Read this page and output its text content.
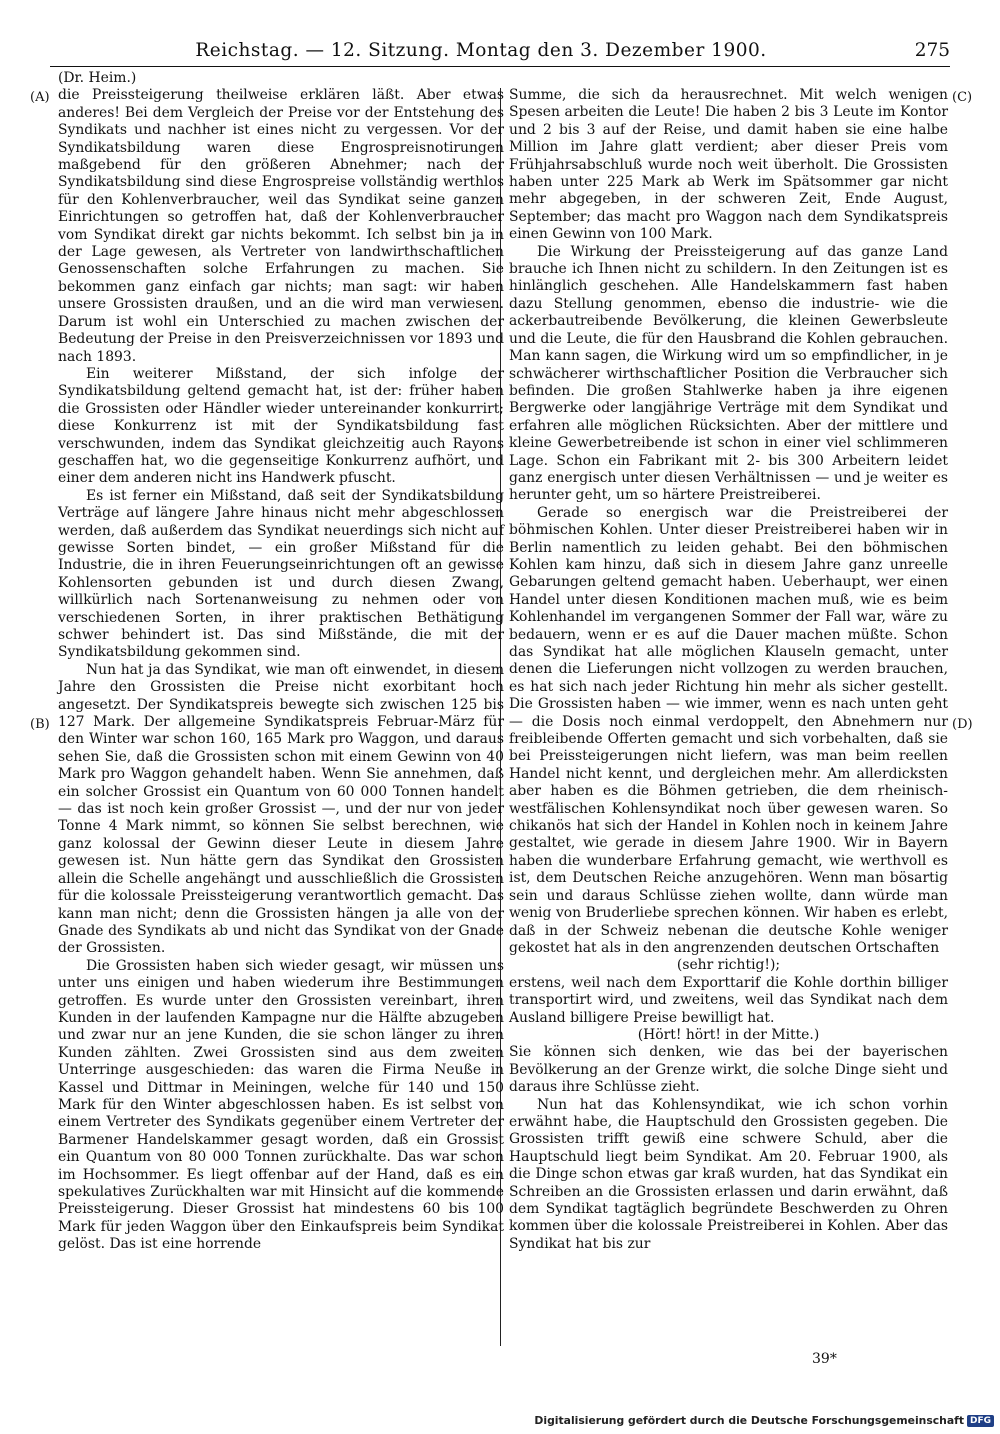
Reichstag. — 12. Sitzung. Montag den 3. Dezember 1900.	275
(A)
(B)
(C)
(D)

(Dr. Heim.)

die Preissteigerung theilweise erklären läßt. Aber etwas anderes! Bei dem Vergleich der Preise vor der Entstehung des Syndikats und nachher ist eines nicht zu vergessen. Vor der Syndikatsbildung waren diese Engrospreisnotirungen maßgebend für den größeren Abnehmer; nach der Syndikatsbildung sind diese Engrospreise vollständig werthlos für den Kohlenverbraucher, weil das Syndikat seine ganzen Einrichtungen so getroffen hat, daß der Kohlenverbraucher vom Syndikat direkt gar nichts bekommt. Ich selbst bin ja in der Lage gewesen, als Vertreter von landwirthschaftlichen Genossenschaften solche Erfahrungen zu machen. Sie bekommen ganz einfach gar nichts; man sagt: wir haben unsere Grossisten draußen, und an die wird man verwiesen. Darum ist wohl ein Unterschied zu machen zwischen der Bedeutung der Preise in den Preisverzeichnissen vor 1893 und nach 1893.

Ein weiterer Mißstand, der sich infolge der Syndikatsbildung geltend gemacht hat, ist der: früher haben die Grossisten oder Händler wieder untereinander konkurrirt; diese Konkurrenz ist mit der Syndikatsbildung fast verschwunden, indem das Syndikat gleichzeitig auch Rayons geschaffen hat, wo die gegenseitige Konkurrenz aufhört, und einer dem anderen nicht ins Handwerk pfuscht.

Es ist ferner ein Mißstand, daß seit der Syndikatsbildung Verträge auf längere Jahre hinaus nicht mehr abgeschlossen werden, daß außerdem das Syndikat neuerdings sich nicht auf gewisse Sorten bindet, — ein großer Mißstand für die Industrie, die in ihren Feuerungseinrichtungen oft an gewisse Kohlensorten gebunden ist und durch diesen Zwang, willkürlich nach Sortenanweisung zu nehmen oder von verschiedenen Sorten, in ihrer praktischen Bethätigung schwer behindert ist. Das sind Mißstände, die mit der Syndikatsbildung gekommen sind.

Nun hat ja das Syndikat, wie man oft einwendet, in diesem Jahre den Grossisten die Preise nicht exorbitant hoch angesetzt. Der Syndikatspreis bewegte sich zwischen 125 bis 127 Mark. Der allgemeine Syndikatspreis Februar-März für den Winter war schon 160, 165 Mark pro Waggon, und daraus sehen Sie, daß die Grossisten schon mit einem Gewinn von 40 Mark pro Waggon gehandelt haben. Wenn Sie annehmen, daß ein solcher Grossist ein Quantum von 60 000 Tonnen handelt — das ist noch kein großer Grossist —, und der nur von jeder Tonne 4 Mark nimmt, so können Sie selbst berechnen, wie ganz kolossal der Gewinn dieser Leute in diesem Jahre gewesen ist. Nun hätte gern das Syndikat den Grossisten allein die Schelle angehängt und ausschließlich die Grossisten für die kolossale Preissteigerung verantwortlich gemacht. Das kann man nicht; denn die Grossisten hängen ja alle von der Gnade des Syndikats ab und nicht das Syndikat von der Gnade der Grossisten.

Die Grossisten haben sich wieder gesagt, wir müssen uns unter uns einigen und haben wiederum ihre Bestimmungen getroffen. Es wurde unter den Grossisten vereinbart, ihren Kunden in der laufenden Kampagne nur die Hälfte abzugeben und zwar nur an jene Kunden, die sie schon länger zu ihren Kunden zählten. Zwei Grossisten sind aus dem zweiten Unterringe ausgeschieden: das waren die Firma Neuße in Kassel und Dittmar in Meiningen, welche für 140 und 150 Mark für den Winter abgeschlossen haben. Es ist selbst von einem Vertreter des Syndikats gegenüber einem Vertreter der Barmener Handelskammer gesagt worden, daß ein Grossist ein Quantum von 80 000 Tonnen zurückhalte. Das war schon im Hochsommer. Es liegt offenbar auf der Hand, daß es ein spekulatives Zurückhalten war mit Hinsicht auf die kommende Preissteigerung. Dieser Grossist hat mindestens 60 bis 100 Mark für jeden Waggon über den Einkaufspreis beim Syndikat gelöst. Das ist eine horrende

Summe, die sich da herausrechnet. Mit welch wenigen Spesen arbeiten die Leute! Die haben 2 bis 3 Leute im Kontor und 2 bis 3 auf der Reise, und damit haben sie eine halbe Million im Jahre glatt verdient; aber dieser Preis vom Frühjahrsabschluß wurde noch weit überholt. Die Grossisten haben unter 225 Mark ab Werk im Spätsommer gar nicht mehr abgegeben, in der schweren Zeit, Ende August, September; das macht pro Waggon nach dem Syndikatspreis einen Gewinn von 100 Mark.

Die Wirkung der Preissteigerung auf das ganze Land brauche ich Ihnen nicht zu schildern. In den Zeitungen ist es hinlänglich geschehen. Alle Handelskammern fast haben dazu Stellung genommen, ebenso die industrie- wie die ackerbautreibende Bevölkerung, die kleinen Gewerbsleute und die Leute, die für den Hausbrand die Kohlen gebrauchen. Man kann sagen, die Wirkung wird um so empfindlicher, in je schwächerer wirthschaftlicher Position die Verbraucher sich befinden. Die großen Stahlwerke haben ja ihre eigenen Bergwerke oder langjährige Verträge mit dem Syndikat und erfahren alle möglichen Rücksichten. Aber der mittlere und kleine Gewerbetreibende ist schon in einer viel schlimmeren Lage. Schon ein Fabrikant mit 2- bis 300 Arbeitern leidet ganz energisch unter diesen Verhältnissen — und je weiter es herunter geht, um so härtere Preistreiberei.

Gerade so energisch war die Preistreiberei der böhmischen Kohlen. Unter dieser Preistreiberei haben wir in Berlin namentlich zu leiden gehabt. Bei den böhmischen Kohlen kam hinzu, daß sich in diesem Jahre ganz unreelle Gebarungen geltend gemacht haben. Ueberhaupt, wer einen Handel unter diesen Konditionen machen muß, wie es beim Kohlenhandel im vergangenen Sommer der Fall war, wäre zu bedauern, wenn er es auf die Dauer machen müßte. Schon das Syndikat hat alle möglichen Klauseln gemacht, unter denen die Lieferungen nicht vollzogen zu werden brauchen, es hat sich nach jeder Richtung hin mehr als sicher gestellt. Die Grossisten haben — wie immer, wenn es nach unten geht — die Dosis noch einmal verdoppelt, den Abnehmern nur freibleibende Offerten gemacht und sich vorbehalten, daß sie bei Preissteigerungen nicht liefern, was man beim reellen Handel nicht kennt, und dergleichen mehr. Am allerdicksten aber haben es die Böhmen getrieben, die dem rheinisch-westfälischen Kohlensyndikat noch über gewesen waren. So chikanös hat sich der Handel in Kohlen noch in keinem Jahre gestaltet, wie gerade in diesem Jahre 1900. Wir in Bayern haben die wunderbare Erfahrung gemacht, wie werthvoll es ist, dem Deutschen Reiche anzugehören. Wenn man bösartig sein und daraus Schlüsse ziehen wollte, dann würde man wenig von Bruderliebe sprechen können. Wir haben es erlebt, daß in der Schweiz nebenan die deutsche Kohle weniger gekostet hat als in den angrenzenden deutschen Ortschaften

(sehr richtig!);

erstens, weil nach dem Exporttarif die Kohle dorthin billiger transportirt wird, und zweitens, weil das Syndikat nach dem Ausland billigere Preise bewilligt hat.

(Hört! hört! in der Mitte.)

Sie können sich denken, wie das bei der bayerischen Bevölkerung an der Grenze wirkt, die solche Dinge sieht und daraus ihre Schlüsse zieht.

Nun hat das Kohlensyndikat, wie ich schon vorhin erwähnt habe, die Hauptschuld den Grossisten gegeben. Die Grossisten trifft gewiß eine schwere Schuld, aber die Hauptschuld liegt beim Syndikat. Am 20. Februar 1900, als die Dinge schon etwas gar kraß wurden, hat das Syndikat ein Schreiben an die Grossisten erlassen und darin erwähnt, daß dem Syndikat tagtäglich begründete Beschwerden zu Ohren kommen über die kolossale Preistreiberei in Kohlen. Aber das Syndikat hat bis zur

39*
Digitalisierung gefördert durch die Deutsche Forschungsgemeinschaft DFG
